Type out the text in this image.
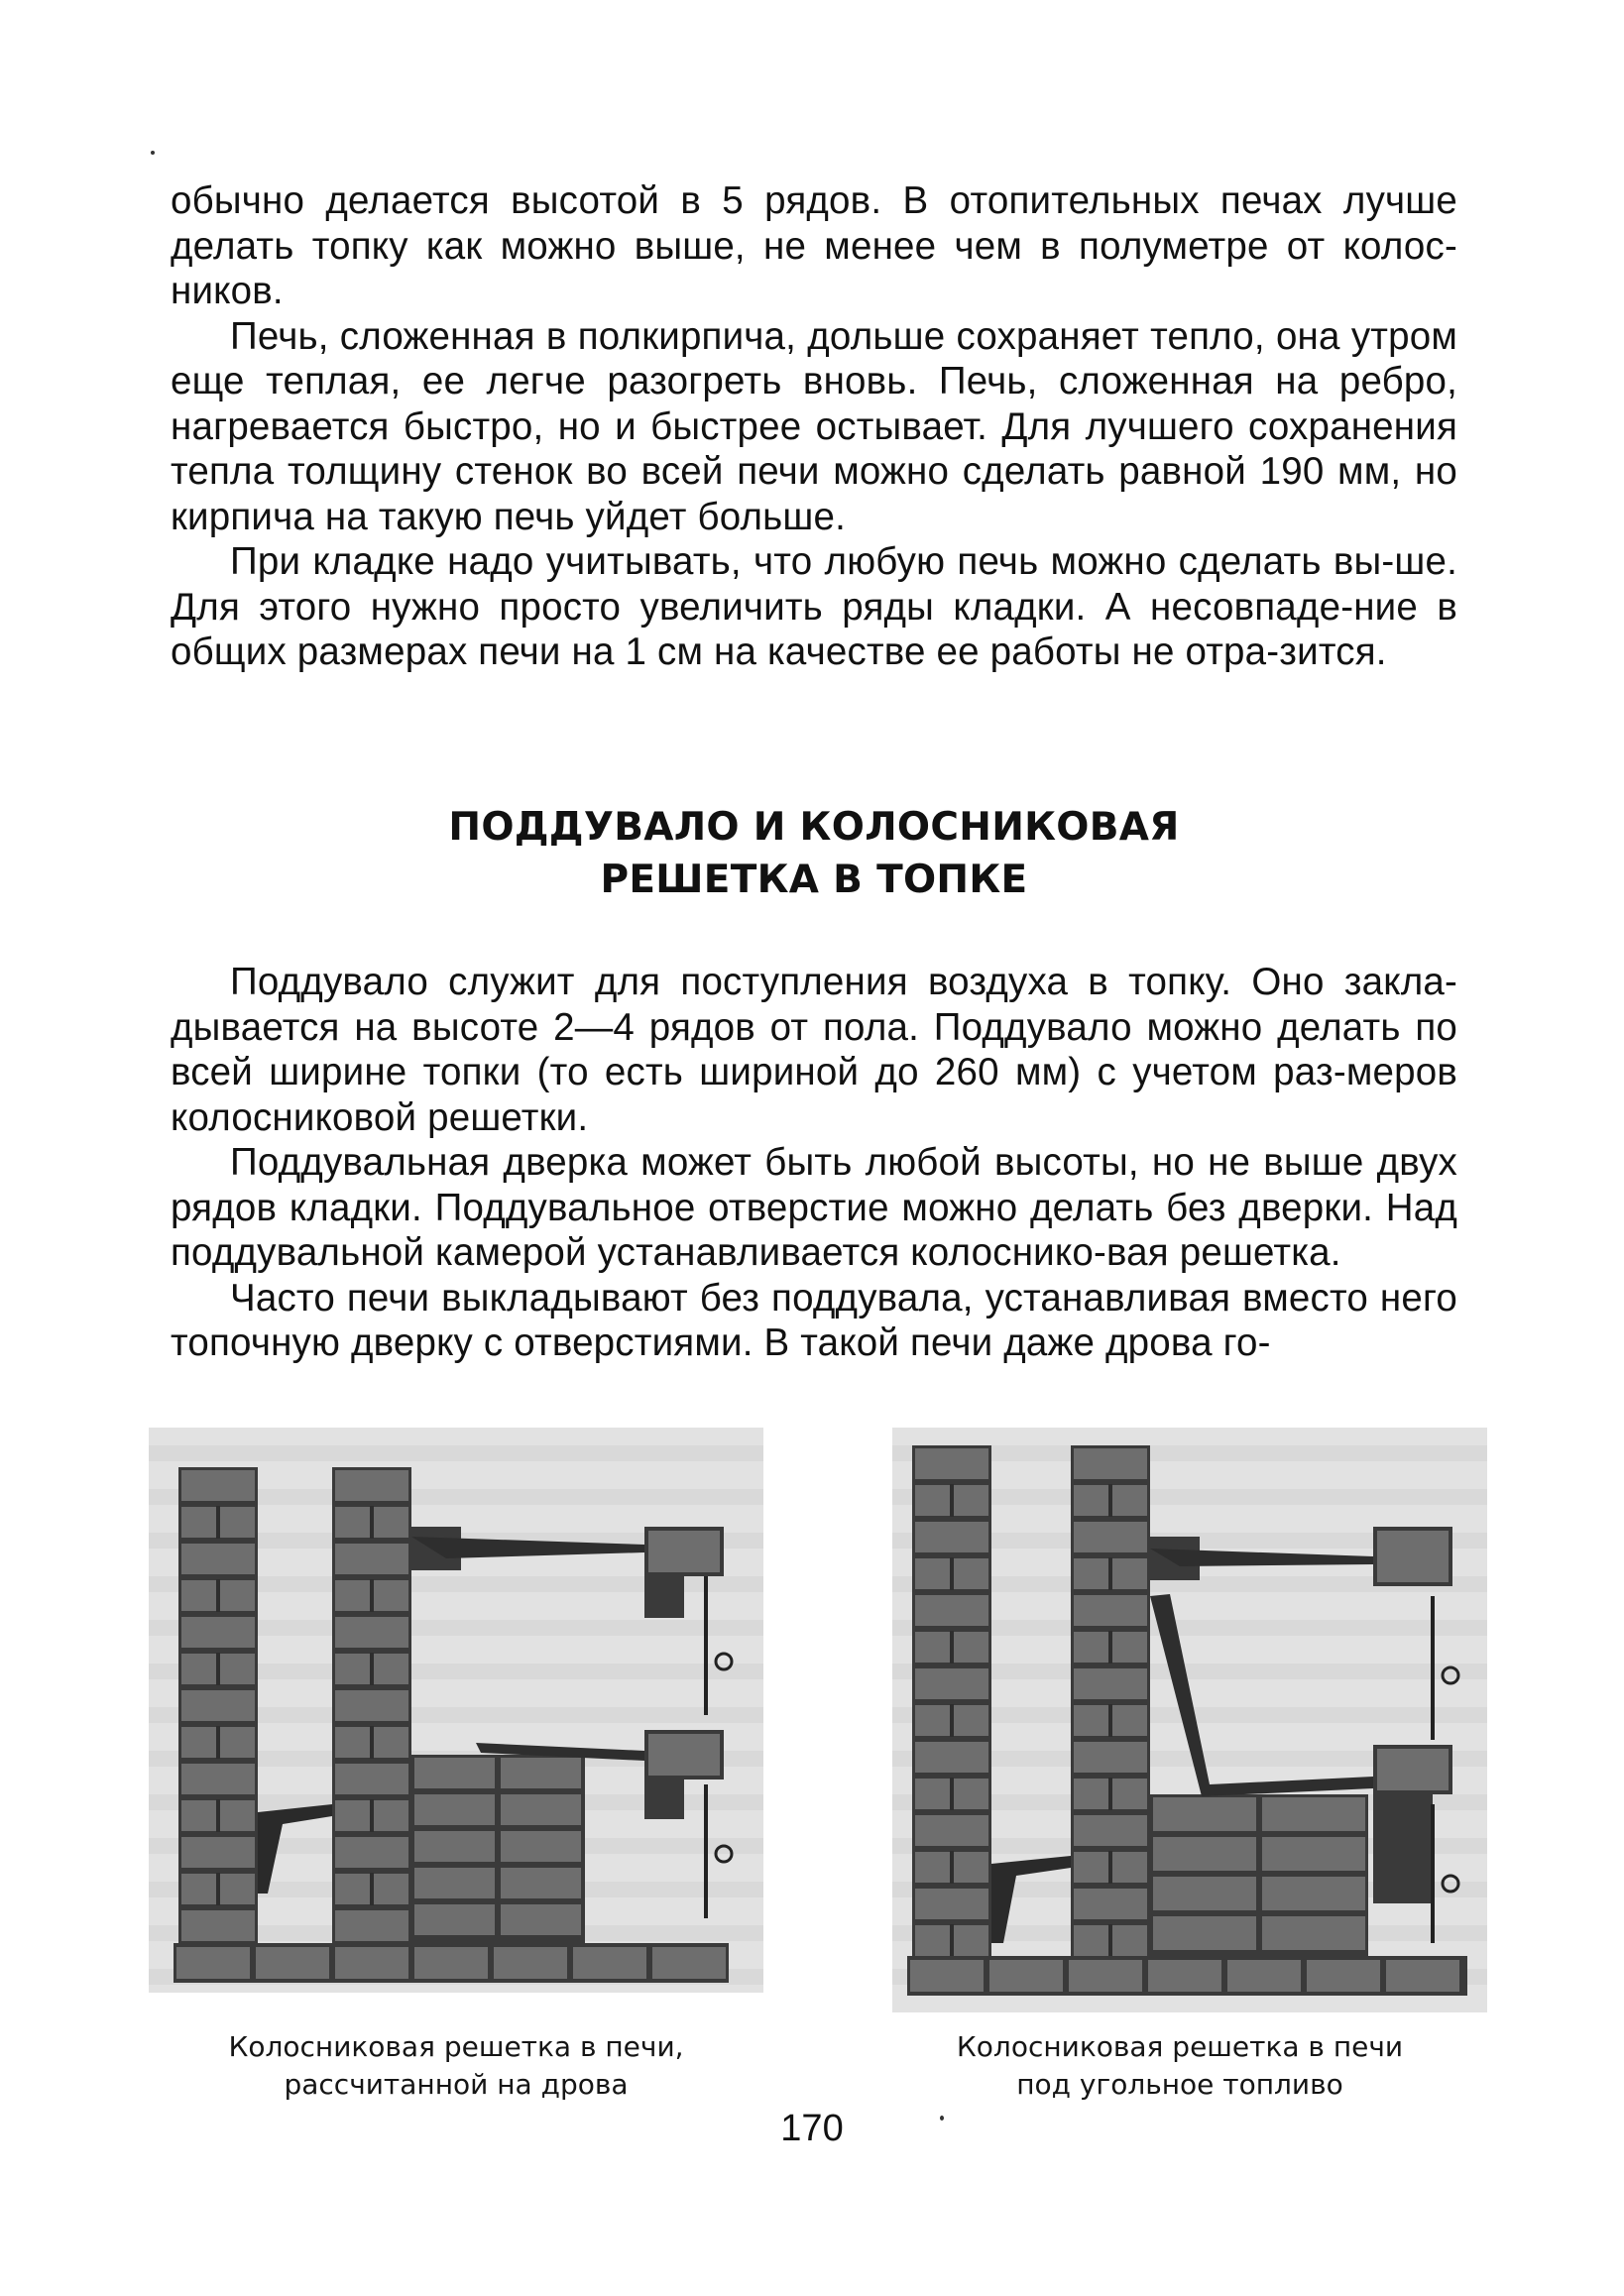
обычно делается высотой в 5 рядов. В отопительных печах лучше делать топку как можно выше, не менее чем в полуметре от колос-ников.

Печь, сложенная в полкирпича, дольше сохраняет тепло, она утром еще теплая, ее легче разогреть вновь. Печь, сложенная на ребро, нагревается быстро, но и быстрее остывает. Для лучшего сохранения тепла толщину стенок во всей печи можно сделать равной 190 мм, но кирпича на такую печь уйдет больше.

При кладке надо учитывать, что любую печь можно сделать вы-ше. Для этого нужно просто увеличить ряды кладки. А несовпаде-ние в общих размерах печи на 1 см на качестве ее работы не отра-зится.

ПОДДУВАЛО И КОЛОСНИКОВАЯ
РЕШЕТКА В ТОПКЕ

Поддувало служит для поступления воздуха в топку. Оно закла-дывается на высоте 2—4 рядов от пола. Поддувало можно делать по всей ширине топки (то есть шириной до 260 мм) с учетом раз-меров колосниковой решетки.

Поддувальная дверка может быть любой высоты, но не выше двух рядов кладки. Поддувальное отверстие можно делать без дверки. Над поддувальной камерой устанавливается колоснико-вая решетка.

Часто печи выкладывают без поддувала, устанавливая вместо него топочную дверку с отверстиями. В такой печи даже дрова го-

Колосниковая решетка в печи,
рассчитанной на дрова
Колосниковая решетка в печи
под угольное топливо
170
